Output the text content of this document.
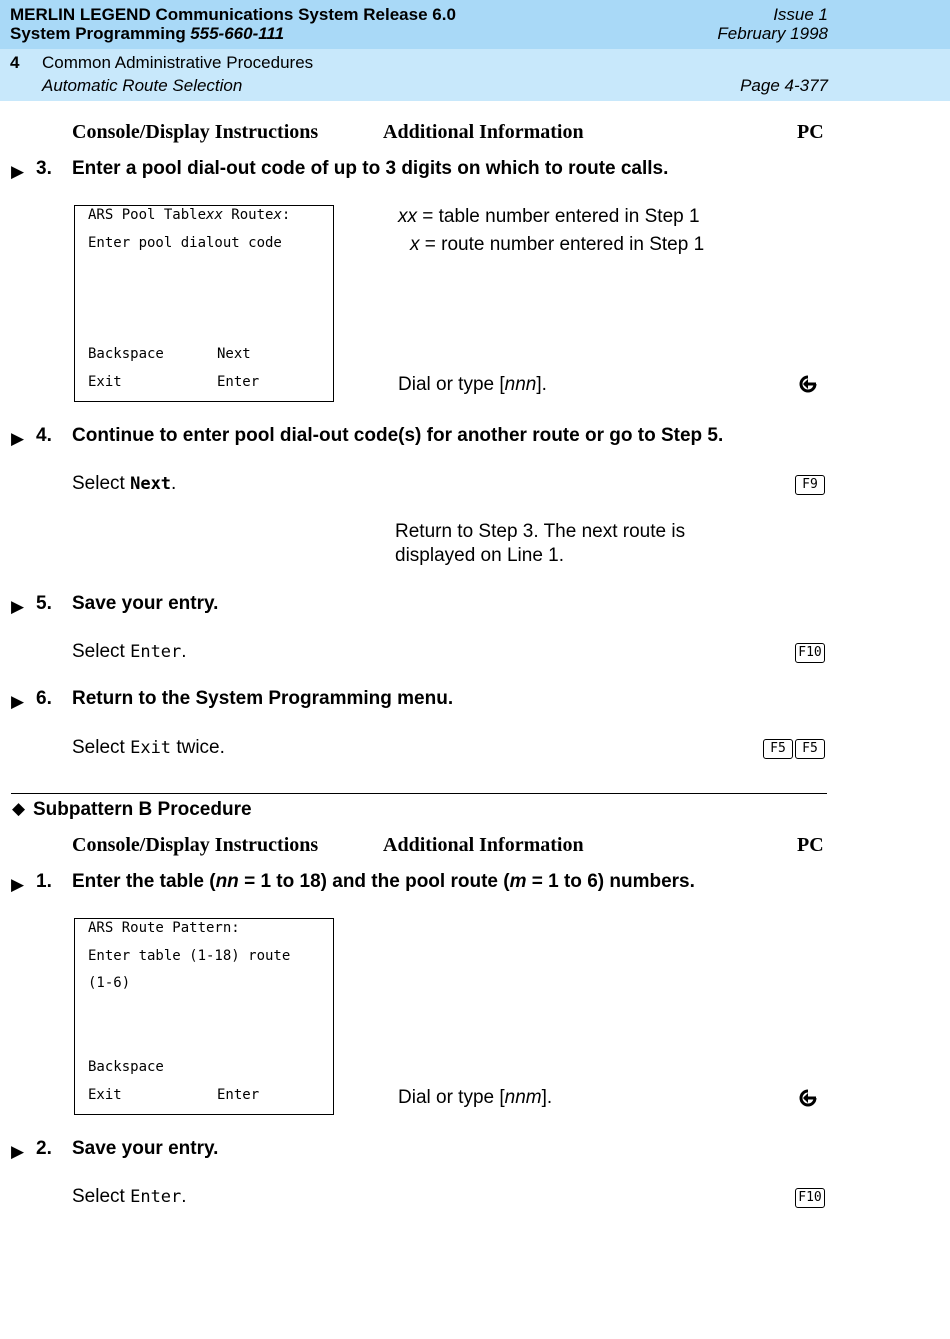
MERLIN LEGEND Communications System Release 6.0
System Programming 555-660-111
Issue 1
February 1998
4 Common Administrative Procedures
Automatic Route Selection	Page 4-377
Console/Display Instructions	Additional Information	PC
▶ 3. Enter a pool dial-out code of up to 3 digits on which to route calls.
ARS Pool Tablexx Routex:
Enter pool dialout code
Backspace	Next
Exit	Enter
xx = table number entered in Step 1
x = route number entered in Step 1
Dial or type [nnn].
▶ 4. Continue to enter pool dial-out code(s) for another route or go to Step 5.
Select Next.	F9
Return to Step 3. The next route is
displayed on Line 1.
▶ 5. Save your entry.
Select Enter.	F10
▶ 6. Return to the System Programming menu.
Select Exit twice.	F5	F5
◆ Subpattern B Procedure
Console/Display Instructions	Additional Information	PC
▶ 1. Enter the table (nn = 1 to 18) and the pool route (m = 1 to 6) numbers.
ARS Route Pattern:
Enter table (1-18) route
(1-6)
Backspace
Exit	Enter	Dial or type [nnm].
▶ 2. Save your entry.
Select Enter.	F10
